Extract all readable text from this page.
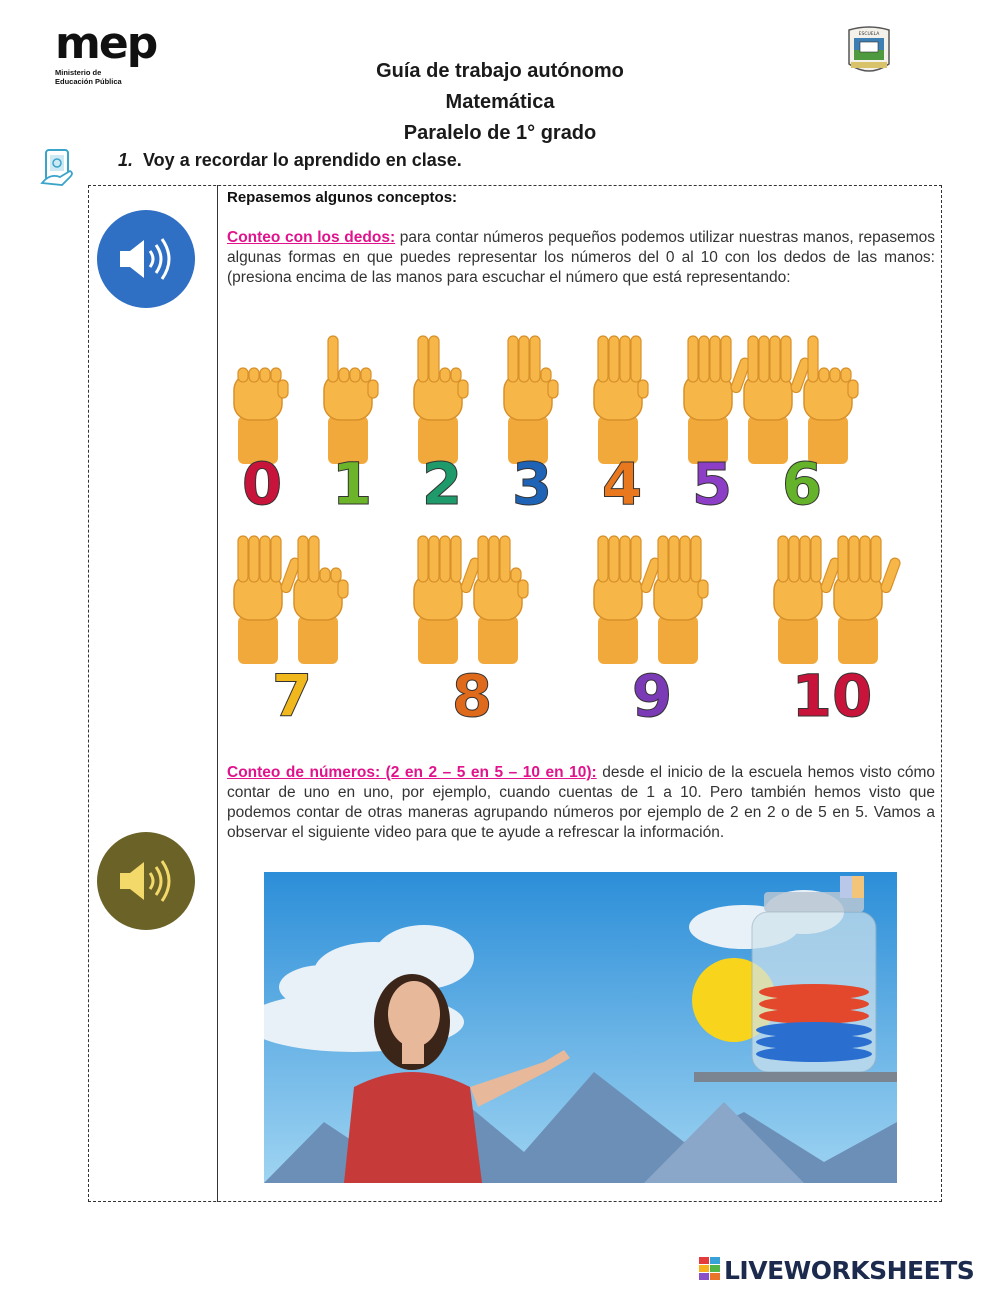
mep
Ministerio de
Educación Pública	Guía de trabajo autónomo
Matemática
Paralelo de 1° grado
ESCUELA
1. Voy a recordar lo aprendido en clase.
Repasemos algunos conceptos:
Conteo con los dedos: para contar números pequeños podemos utilizar nuestras manos, repasemos algunas formas en que puedes representar los números del 0 al 10 con los dedos de las manos: (presiona encima de las manos para escuchar el número que está representando:
0 1 2 3 4 5 6
7 8 9 10
Conteo de números: (2 en 2 – 5 en 5 – 10 en 10): desde el inicio de la escuela hemos visto cómo contar de uno en uno, por ejemplo, cuando cuentas de 1 a 10. Pero también hemos visto que podemos contar de otras maneras agrupando números por ejemplo de 2 en 2 o de 5 en 5. Vamos a observar el siguiente video para que te ayude a refrescar la información.
LIVEWORKSHEETS
